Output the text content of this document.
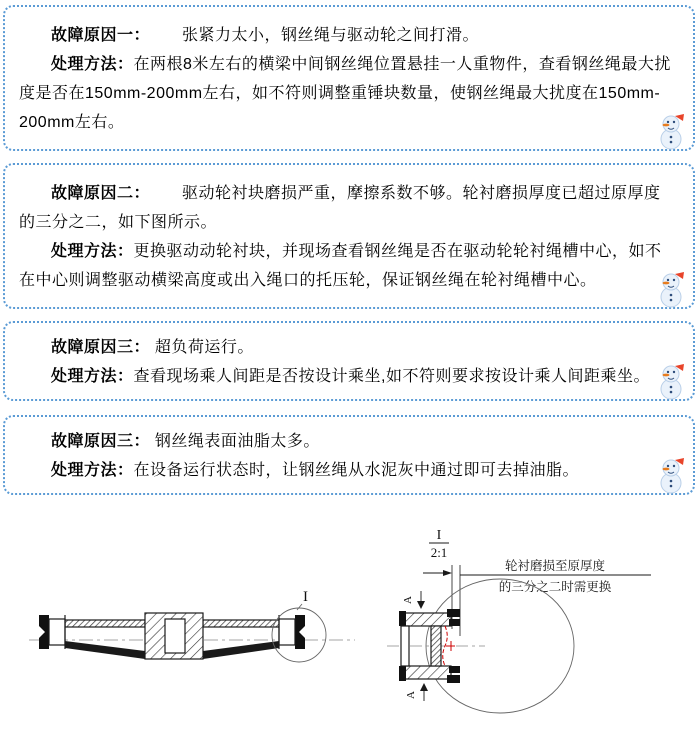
故障原因一： 张紧力太小，钢丝绳与驱动轮之间打滑。

处理方法：在两根8米左右的横梁中间钢丝绳位置悬挂一人重物件，查看钢丝绳最大扰度是否在150mm-200mm左右，如不符则调整重锤块数量，使钢丝绳最大扰度在150mm-200mm左右。

故障原因二： 驱动轮衬块磨损严重，摩擦系数不够。轮衬磨损厚度已超过原厚度的三分之二，如下图所示。

处理方法：更换驱动动轮衬块，并现场查看钢丝绳是否在驱动轮轮衬绳槽中心，如不在中心则调整驱动横梁高度或出入绳口的托压轮，保证钢丝绳在轮衬绳槽中心。

故障原因三： 超负荷运行。

处理方法：查看现场乘人间距是否按设计乘坐,如不符则要求按设计乘人间距乘坐。

故障原因三： 钢丝绳表面油脂太多。

处理方法：在设备运行状态时，让钢丝绳从水泥灰中通过即可去掉油脂。

I
I
2:1
轮衬磨损至原厚度
的三分之二时需更换
A
A
